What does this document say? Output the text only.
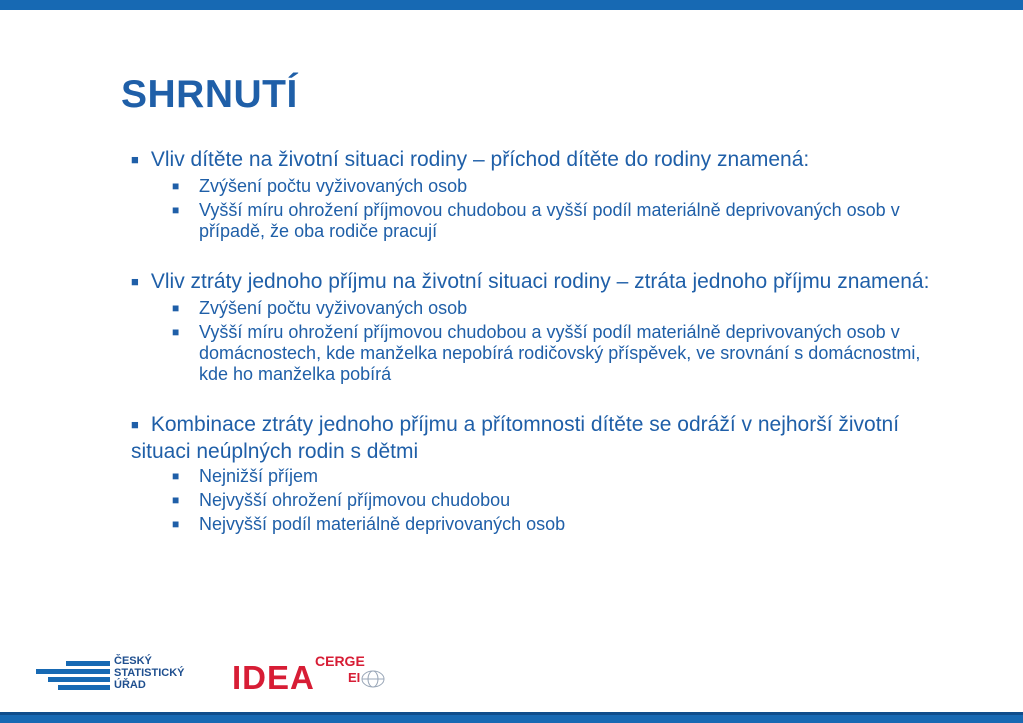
SHRNUTÍ

■ Vliv dítěte na životní situaci rodiny – příchod dítěte do rodiny znamená:

■ Zvýšení počtu vyživovaných osob
■ Vyšší míru ohrožení příjmovou chudobou a vyšší podíl materiálně deprivovaných osob v případě, že oba rodiče pracují

■ Vliv ztráty jednoho příjmu na životní situaci rodiny – ztráta jednoho příjmu znamená:

■ Zvýšení počtu vyživovaných osob
■ Vyšší míru ohrožení příjmovou chudobou a vyšší podíl materiálně deprivovaných osob v domácnostech, kde manželka nepobírá rodičovský příspěvek, ve srovnání s domácnostmi, kde ho manželka pobírá

■ Kombinace ztráty jednoho příjmu a přítomnosti dítěte se odráží v nejhorší životní situaci neúplných rodin s dětmi

■ Nejnižší příjem
■ Nejvyšší ohrožení příjmovou chudobou
■ Nejvyšší podíl materiálně deprivovaných osob
ČESKÝ
STATISTICKÝ
ÚŘAD	IDEA CERGE
EI
